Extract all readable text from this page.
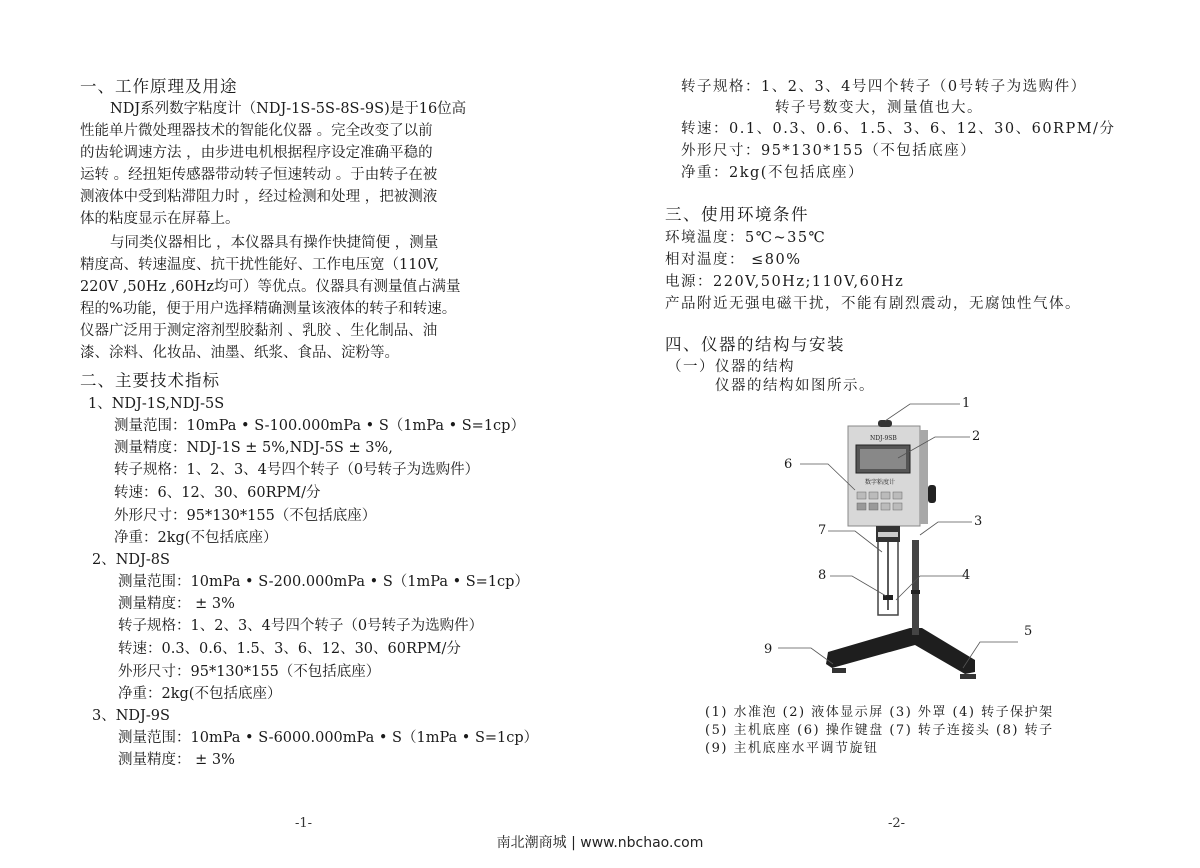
一、工作原理及用途
NDJ系列数字粘度计（NDJ-1S-5S-8S-9S)是于16位高
性能单片微处理器技术的智能化仪器 。完全改变了以前
的齿轮调速方法 ，由步进电机根据程序设定准确平稳的
运转 。经扭矩传感器带动转子恒速转动 。于由转子在被
测液体中受到粘滞阻力时 ，经过检测和处理 ，把被测液
体的粘度显示在屏幕上。
与同类仪器相比 ，本仪器具有操作快捷简便 ，测量
精度高、转速温度、抗干扰性能好、工作电压宽（110V,
220V ,50Hz ,60Hz均可）等优点。仪器具有测量值占满量
程的%功能，便于用户选择精确测量该液体的转子和转速。
仪器广泛用于测定溶剂型胶黏剂 、乳胶 、生化制品、油
漆、涂料、化妆品、油墨、纸浆、食品、淀粉等。
二、主要技术指标
1、NDJ-1S,NDJ-5S
测量范围：10mPa • S-100.000mPa • S（1mPa • S=1cp）
测量精度：NDJ-1S ± 5%,NDJ-5S ± 3%,
转子规格：1、2、3、4号四个转子（0号转子为选购件）
转速：6、12、30、60RPM/分
外形尺寸：95*130*155（不包括底座）
净重：2kg(不包括底座）
2、NDJ-8S
测量范围：10mPa • S-200.000mPa • S（1mPa • S=1cp）
测量精度： ± 3%
转子规格：1、2、3、4号四个转子（0号转子为选购件）
转速：0.3、0.6、1.5、3、6、12、30、60RPM/分
外形尺寸：95*130*155（不包括底座）
净重：2kg(不包括底座）
3、NDJ-9S
测量范围：10mPa • S-6000.000mPa • S（1mPa • S=1cp）
测量精度： ± 3%
-1-
转子规格：1、2、3、4号四个转子（0号转子为选购件）
转子号数变大，测量值也大。
转速：0.1、0.3、0.6、1.5、3、6、12、30、60RPM/分
外形尺寸：95*130*155（不包括底座）
净重：2kg(不包括底座）
三、使用环境条件
环境温度：5℃~35℃
相对温度： ≤80%
电源：220V,50Hz;110V,60Hz
产品附近无强电磁干扰，不能有剧烈震动，无腐蚀性气体。
四、仪器的结构与安装
（一）仪器的结构
仪器的结构如图所示。
NDJ-9SB
数字粘度计
1
2
3
4
5
6
7
8
9
(1) 水准泡 (2) 液体显示屏 (3) 外罩 (4) 转子保护架
(5) 主机底座 (6) 操作键盘 (7) 转子连接头 (8) 转子
(9) 主机底座水平调节旋钮
-2-
南北潮商城 | www.nbchao.com
